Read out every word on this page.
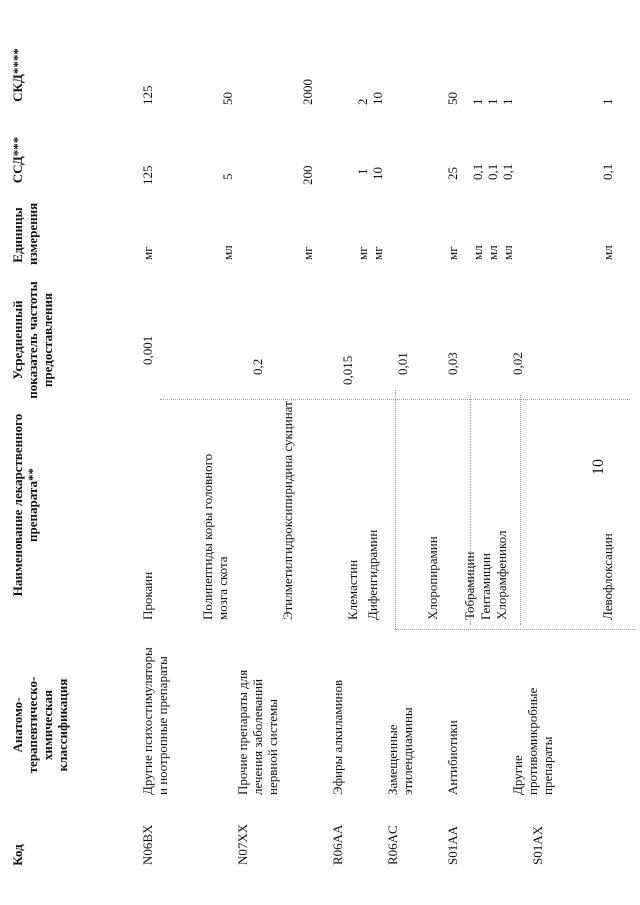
10
Код
Анатомо-терапевтическо-химическая классификация
Наименование лекарственного препарата**
Усредненный показатель частоты предоставления
Единицы измерения
ССД***
СКД****
N06BX
Другие психостимуляторы и ноотропные препараты
Прокаин
0,001
мг
125
125
N07XX
Прочие препараты для лечения заболеваний нервной системы
Полипептиды коры головного мозга скота
0,2
мл
5
50
Этилметилгидроксипиридина сукцинат
мг
200
2000
R06AA
Эфиры алкиламинов
Клемастин
0,015
мг
1
2
R06AC
Замещенные этилендиамины
Дифенгидрамин
0,01
мг
10
10
S01AA
Антибиотики
Хлоропирамин
0,03
мг
25
50
Тобрамицин
мл
0,1
1
Гентамицин
мл
0,1
1
Хлорамфеникол
мл
0,1
1
S01AX
Другие противомикробные препараты
Левофлоксацин
0,02
мл
0,1
1
